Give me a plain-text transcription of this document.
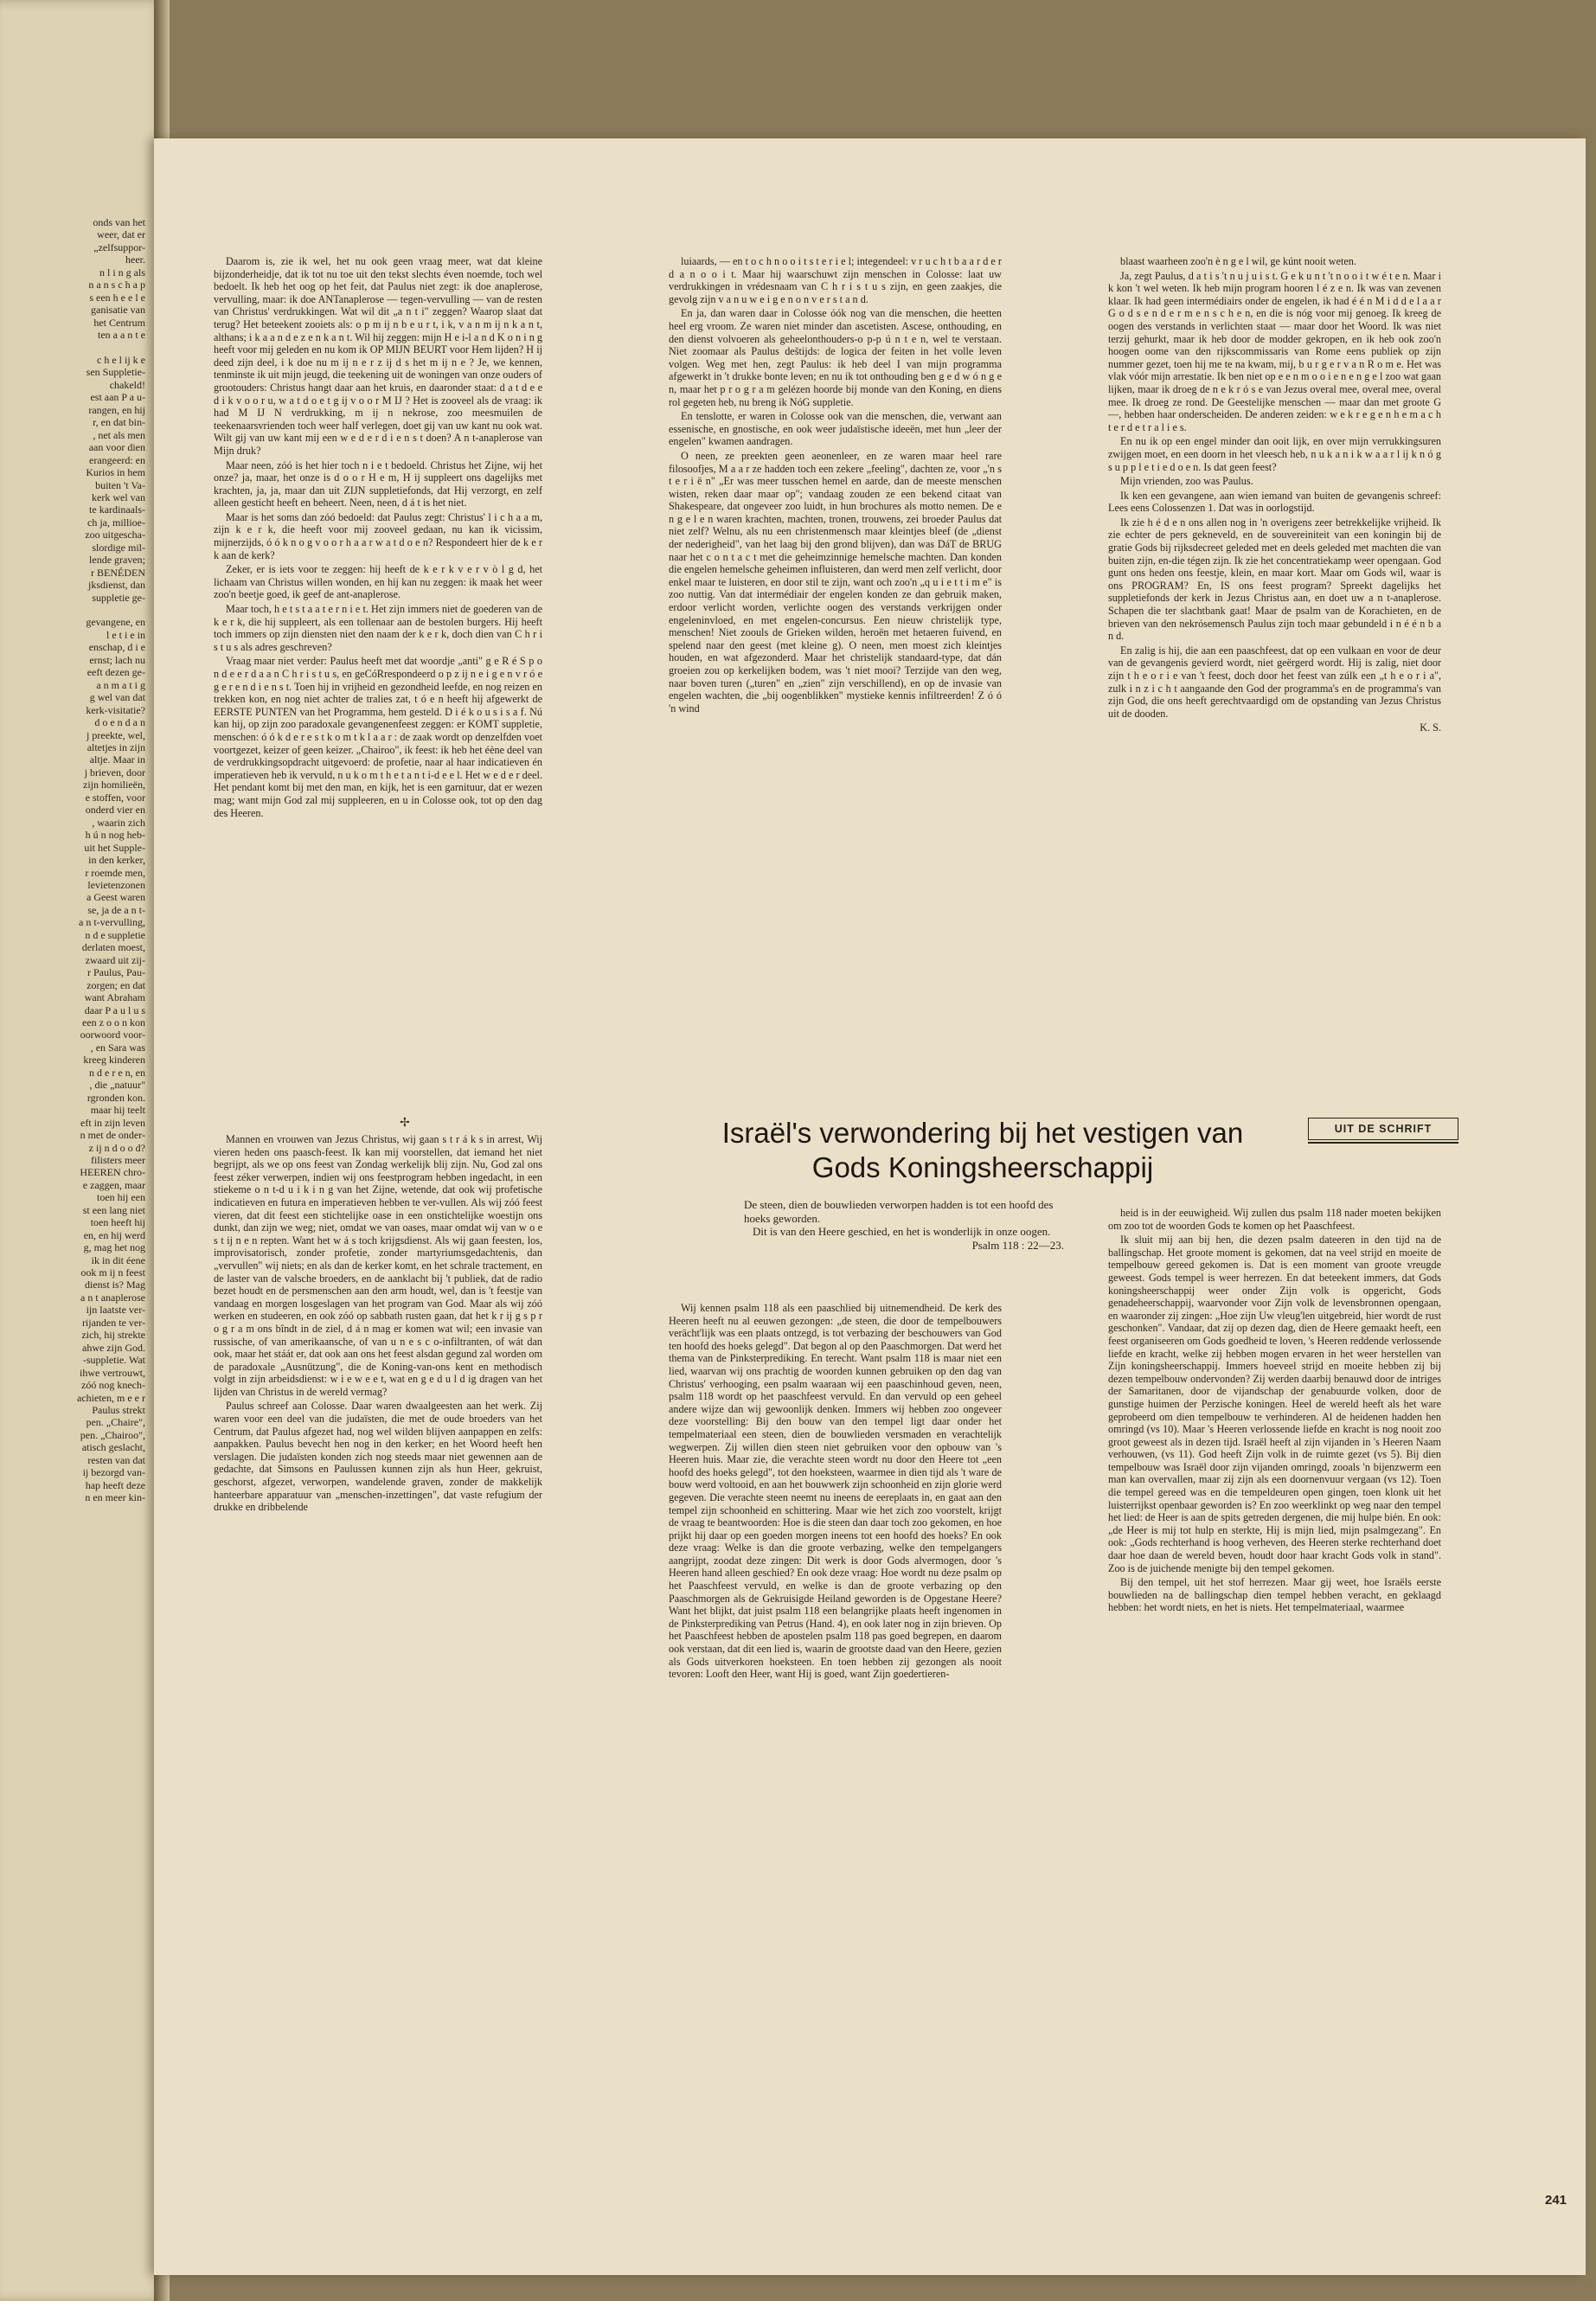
onds van het
weer, dat er
„zelfsuppor-
heer.
n l i n g als
n a n s c h a p
s een h e e l e
ganisatie van
het Centrum
ten a a n t e
c h e l ij k e
sen Suppletie-
chakeld!
est aan P a u-
rangen, en hij
r, en dat bin-
, net als men
aan voor dien
erangeerd: en
Kurios in hem
buiten 't Va-
kerk wel van
te kardinaals-
ch ja, millioe-
zoo uitgescha-
slordige mil-
lende graven;
r BENÉDEN
jksdienst, dan
suppletie ge-
gevangene, en
l e t i e in
enschap, d i e
ernst; lach nu
eeft dezen ge-
a n m a t i g
g wel van dat
kerk-visitatie?
d o e n d a n
j preekte, wel,
altetjes in zijn
altje. Maar in
j brieven, door
zijn homilieën,
e stoffen, voor
onderd vier en
, waarin zich
h ú n nog heb-
uit het Supple-
in den kerker,
r roemde men,
levietenzonen
a Geest waren
se, ja de a n t-
a n t-vervulling,
n d e suppletie
derlaten moest,
zwaard uit zij-
r Paulus, Pau-
zorgen; en dat
want Abraham
daar P a u l u s
een z o o n kon
oorwoord voor-
, en Sara was
kreeg kinderen
n d e r e n, en
, die „natuur"
rgronden kon.
maar hij teelt
eft in zijn leven
n met de onder-
z ij n d o o d?
filisters meer
HEEREN chro-
e zaggen, maar
toen hij een
st een lang niet
toen heeft hij
en, en hij werd
g, mag het nog
ik in dit éene
ook m ij n feest
dienst is? Mag
a n t anaplerose
ijn laatste ver-
rijanden te ver-
zich, hij strekte
ahwe zijn God.
-suppletie. Wat
ihwe vertrouwt,
zóó nog knech-
achieten, m e e r
Paulus strekt
pen. „Chaire",
pen. „Chairoo",
atisch geslacht,
resten van dat
ij bezorgd van-
hap heeft deze
n en meer kin-

Daarom is, zie ik wel, het nu ook geen vraag meer, wat dat kleine bijzonderheidje, dat ik tot nu toe uit den tekst slechts éven noemde, toch wel bedoelt. Ik heb het oog op het feit, dat Paulus niet zegt: ik doe anaplerose, vervulling, maar: ik doe ANTanaplerose — tegen-vervulling — van de resten van Christus' verdrukkingen. Wat wil dit „a n t i" zeggen? Waarop slaat dat terug? Het beteekent zooiets als: o p m ij n b e u r t, i k, v a n m ij n k a n t, althans; i k a a n d e z e n k a n t. Wil hij zeggen: mijn H e i-l a n d K o n i n g heeft voor mij geleden en nu kom ik OP MIJN BEURT voor Hem lijden? H ij deed zijn deel, i k doe nu m ij n e r z ij d s het m ij n e ? Je, we kennen, tenminste ik uit mijn jeugd, die teekening uit de woningen van onze ouders of grootouders: Christus hangt daar aan het kruis, en daaronder staat: d a t d e e d i k v o o r u, w a t d o e t g ij v o o r M IJ ? Het is zooveel als de vraag: ik had M IJ N verdrukking, m ij n nekrose, zoo meesmuilen de teekenaarsvrienden toch weer half verlegen, doet gij van uw kant nu ook wat. Wilt gij van uw kant mij een w e d e r d i e n s t doen? A n t-anaplerose van Mijn druk?

Maar neen, zóó is het hier toch n i e t bedoeld. Christus het Zijne, wij het onze? ja, maar, het onze is d o o r H e m, H ij suppleert ons dagelijks met krachten, ja, ja, maar dan uit ZIJN suppletiefonds, dat Hij verzorgt, en zelf alleen gesticht heeft en beheert. Neen, neen, d á t is het niet.

Maar is het soms dan zóó bedoeld: dat Paulus zegt: Christus' l i c h a a m, zijn k e r k, die heeft voor mij zooveel gedaan, nu kan ik vicissim, mijnerzijds, ó ó k n o g v o o r h a a r w a t d o e n? Respondeert hier de k e r k aan de kerk?

Zeker, er is iets voor te zeggen: hij heeft de k e r k v e r v ò l g d, het lichaam van Christus willen wonden, en hij kan nu zeggen: ik maak het weer zoo'n beetje goed, ik geef de ant-anaplerose.

Maar toch, h e t s t a a t e r n i e t. Het zijn immers niet de goederen van de k e r k, die hij suppleert, als een tollenaar aan de bestolen burgers. Hij heeft toch immers op zijn diensten niet den naam der k e r k, doch dien van C h r i s t u s als adres geschreven?

Vraag maar niet verder: Paulus heeft met dat woordje „anti" g e R é S p o n d e e r d a a n C h r i s t u s, en geCóRrespondeerd o p z ij n e i g e n v r ó e g e r e n d i e n s t. Toen hij in vrijheid en gezondheid leefde, en nog reizen en trekken kon, en nog niet achter de tralies zat, t ó e n heeft hij afgewerkt de EERSTE PUNTEN van het Programma, hem gesteld. D i é k o u s i s a f. Nú kan hij, op zijn zoo paradoxale gevangenenfeest zeggen: er KOMT suppletie, menschen: ó ó k d e r e s t k o m t k l a a r : de zaak wordt op denzelfden voet voortgezet, keizer of geen keizer. „Chairoo", ik feest: ik heb het éène deel van de verdrukkingsopdracht uitgevoerd: de profetie, naar al haar indicatieven én imperatieven heb ik vervuld, n u k o m t h e t a n t i-d e e l. Het w e d e r deel. Het pendant komt bij met den man, en kijk, het is een garnituur, dat er wezen mag; want mijn God zal mij suppleeren, en u in Colosse ook, tot op den dag des Heeren.

✢

Mannen en vrouwen van Jezus Christus, wij gaan s t r á k s in arrest, Wij vieren heden ons paasch-feest. Ik kan mij voorstellen, dat iemand het niet begrijpt, als we op ons feest van Zondag werkelijk blij zijn. Nu, God zal ons feest zéker verwerpen, indien wij ons feestprogram hebben ingedacht, in een stiekeme o n t-d u i k i n g van het Zijne, wetende, dat ook wij profetische indicatieven en futura en imperatieven hebben te ver-vullen. Als wij zóó feest vieren, dat dit feest een stichtelijke oase in een onstichtelijke woestijn ons dunkt, dan zijn we weg; niet, omdat we van oases, maar omdat wij van w o e s t ij n e n repten. Want het w á s toch krijgsdienst. Als wij gaan feesten, los, improvisatorisch, zonder profetie, zonder martyriumsgedachtenis, dan „vervullen" wij niets; en als dan de kerker komt, en het schrale tractement, en de laster van de valsche broeders, en de aanklacht bij 't publiek, dat de radio bezet houdt en de persmenschen aan den arm houdt, wel, dan is 't feestje van vandaag en morgen losgeslagen van het program van God. Maar als wij zóó werken en studeeren, en ook zóó op sabbath rusten gaan, dat het k r ij g s p r o g r a m ons bîndt in de ziel, d á n mag er komen wat wil; een invasie van russische, of van amerikaansche, of van u n e s c o-infiltranten, of wát dan ook, maar het stáát er, dat ook aan ons het feest alsdan gegund zal worden om de paradoxale „Ausnützung", die de Koning-van-ons kent en methodisch volgt in zijn arbeidsdienst: w i e w e e t, wat en g e d u l d ig dragen van het lijden van Christus in de wereld vermag?

Paulus schreef aan Colosse. Daar waren dwaalgeesten aan het werk. Zij waren voor een deel van die judaïsten, die met de oude broeders van het Centrum, dat Paulus afgezet had, nog wel wilden blijven aanpappen en zelfs: aanpakken. Paulus bevecht hen nog in den kerker; en het Woord heeft hen verslagen. Die judaïsten konden zich nog steeds maar niet gewennen aan de gedachte, dat Simsons en Paulussen kunnen zijn als hun Heer, gekruist, geschorst, afgezet, verworpen, wandelende graven, zonder de makkelijk hanteerbare apparatuur van „menschen-inzettingen", dat vaste refugium der drukke en dribbelende

luiaards, — en t o c h n o o i t s t e r i e l; integendeel: v r u c h t b a a r d e r d a n o o i t. Maar hij waarschuwt zijn menschen in Colosse: laat uw verdrukkingen in vrédesnaam van C h r i s t u s zijn, en geen zaakjes, die gevolg zijn v a n u w e i g e n o n v e r s t a n d.

En ja, dan waren daar in Colosse óók nog van die menschen, die heetten heel erg vroom. Ze waren niet minder dan ascetisten. Ascese, onthouding, en den dienst volvoeren als geheelonthouders-o p-p ú n t e n, wel te verstaan. Niet zoomaar als Paulus deštijds: de logica der feiten in het volle leven volgen. Weg met hen, zegt Paulus: ik heb deel I van mijn programma afgewerkt in 't drukke bonte leven; en nu ik tot onthouding ben g e d w ó n g e n, maar het p r o g r a m gelézen hoorde bij monde van den Koning, en diens rol gegeten heb, nu breng ik NóG suppletie.

En tenslotte, er waren in Colosse ook van die menschen, die, verwant aan essenische, en gnostische, en ook weer judaïstische ideeën, met hun „leer der engelen" kwamen aandragen.

O neen, ze preekten geen aeonenleer, en ze waren maar heel rare filosoofjes, M a a r ze hadden toch een zekere „feeling", dachten ze, voor „'n s t e r i ë n" „Er was meer tusschen hemel en aarde, dan de meeste menschen wisten, reken daar maar op"; vandaag zouden ze een bekend citaat van Shakespeare, dat ongeveer zoo luidt, in hun brochures als motto nemen. De e n g e l e n waren krachten, machten, tronen, trouwens, zei broeder Paulus dat niet zelf? Welnu, als nu een christenmensch maar kleintjes bleef (de „dienst der nederigheid", van het laag bij den grond blijven), dan was DáT de BRUG naar het c o n t a c t met die geheimzinnige hemelsche machten. Dan konden die engelen hemelsche geheimen influisteren, dan werd men zelf verlicht, door enkel maar te luisteren, en door stil te zijn, want och zoo'n „q u i e t t i m e" is zoo nuttig. Van dat intermédiair der engelen konden ze dan gebruik maken, erdoor verlicht worden, verlichte oogen des verstands verkrijgen onder engeleninvloed, en met engelen-concursus. Een nieuw christelijk type, menschen! Niet zoouls de Grieken wilden, heroën met hetaeren fuivend, en spelend naar den geest (met kleine g). O neen, men moest zich kleintjes houden, en wat afgezonderd. Maar het christelijk standaard-type, dat dán groeien zou op kerkelijken bodem, was 't niet mooi? Terzijde van den weg, naar boven turen („turen" en „zien" zijn verschillend), en op de invasie van engelen wachten, die „bij oogenblikken" mystieke kennis infiltreerden! Z ó ó 'n wind

blaast waarheen zoo'n è n g e l wil, ge kúnt nooit weten.

Ja, zegt Paulus, d a t i s 't n u j u i s t. G e k u n t 't n o o i t w é t e n. Maar i k kon 't wel weten. Ik heb mijn program hooren l é z e n. Ik was van zevenen klaar. Ik had geen intermédiairs onder de engelen, ik had é é n M i d d e l a a r G o d s e n d e r m e n s c h e n, en die is nóg voor mij genoeg. Ik kreeg de oogen des verstands in verlichten staat — maar door het Woord. Ik was niet terzij gehurkt, maar ik heb door de modder gekropen, en ik heb ook zoo'n hoogen oome van den rijkscommissaris van Rome eens publiek op zijn nummer gezet, toen hij me te na kwam, mij, b u r g e r v a n R o m e. Het was vlak vóór mijn arrestatie. Ik ben niet op e e n m o o i e n e n g e l zoo wat gaan lijken, maar ik droeg de n e k r ó s e van Jezus overal mee, overal mee, overal mee. Ik droeg ze rond. De Geestelijke menschen — maar dan met groote G —, hebben haar onderscheiden. De anderen zeiden: w e k r e g e n h e m a c h t e r d e t r a l i e s.

En nu ik op een engel minder dan ooit lijk, en over mijn verrukkingsuren zwijgen moet, en een doorn in het vleesch heb, n u k a n i k w a a r l ij k n ó g s u p p l e t i e d o e n. Is dat geen feest?

Mijn vrienden, zoo was Paulus.

Ik ken een gevangene, aan wien iemand van buiten de gevangenis schreef: Lees eens Colossenzen 1. Dat was in oorlogstijd.

Ik zie h é d e n ons allen nog in 'n overigens zeer betrekkelijke vrijheid. Ik zie echter de pers gekneveld, en de souvereiniteit van een koningin bij de gratie Gods bij rijksdecreet geleded met en deels geleded met machten die van buiten zijn, en-die tégen zijn. Ik zie het concentratiekamp weer opengaan. God gunt ons heden ons feestje, klein, en maar kort. Maar om Gods wil, waar is ons PROGRAM? En, IS ons feest program? Spreekt dagelijks het suppletiefonds der kerk in Jezus Christus aan, en doet uw a n t-anaplerose. Schapen die ter slachtbank gaat! Maar de psalm van de Korachieten, en de brieven van den nekrósemensch Paulus zijn toch maar gebundeld i n é é n b a n d.

En zalig is hij, die aan een paaschfeest, dat op een vulkaan en voor de deur van de gevangenis gevierd wordt, niet geërgerd wordt. Hij is zalig, niet door zijn t h e o r i e van 't feest, doch door het feest van zúlk een „t h e o r i a", zulk i n z i c h t aangaande den God der programma's en de programma's van zijn God, die ons heeft gerechtvaardigd om de opstanding van Jezus Christus uit de dooden.

K. S.
Israël's verwondering bij het vestigen van Gods Koningsheerschappij
UIT DE SCHRIFT
De steen, dien de bouwlieden verworpen hadden is tot een hoofd des hoeks geworden.
Dit is van den Heere geschied, en het is wonderlijk in onze oogen.
Psalm 118 : 22—23.

Wij kennen psalm 118 als een paaschlied bij uitnemendheid. De kerk des Heeren heeft nu al eeuwen gezongen: „de steen, die door de tempelbouwers verächt'lijk was een plaats ontzegd, is tot verbazing der beschouwers van God ten hoofd des hoeks gelegd". Dat begon al op den Paaschmorgen. Dat werd het thema van de Pinksterprediking. En terecht. Want psalm 118 is maar niet een lied, waarvan wij ons prachtig de woorden kunnen gebruiken op den dag van Christus' verhooging, een psalm waaraan wij een paaschinhoud geven, neen, psalm 118 wordt op het paaschfeest vervuld. En dan vervuld op een geheel andere wijze dan wij gewoonlijk denken. Immers wij hebben zoo ongeveer deze voorstelling: Bij den bouw van den tempel ligt daar onder het tempelmateriaal een steen, dien de bouwlieden versmaden en verachtelijk wegwerpen. Zij willen dien steen niet gebruiken voor den opbouw van 's Heeren huis. Maar zie, die verachte steen wordt nu door den Heere tot „een hoofd des hoeks gelegd", tot den hoeksteen, waarmee in dien tijd als 't ware de bouw werd voltooid, en aan het bouwwerk zijn schoonheid en zijn glorie werd gegeven. Die verachte steen neemt nu ineens de eereplaats in, en gaat aan den tempel zijn schoonheid en schittering. Maar wie het zich zoo voorstelt, krijgt de vraag te beantwoorden: Hoe is die steen dan daar toch zoo gekomen, en hoe prijkt hij daar op een goeden morgen ineens tot een hoofd des hoeks? En ook deze vraag: Welke is dan die groote verbazing, welke den tempelgangers aangrijpt, zoodat deze zingen: Dit werk is door Gods alvermogen, door 's Heeren hand alleen geschied? En ook deze vraag: Hoe wordt nu deze psalm op het Paaschfeest vervuld, en welke is dan de groote verbazing op den Paaschmorgen als de Gekruisigde Heiland geworden is de Opgestane Heere? Want het blijkt, dat juist psalm 118 een belangrijke plaats heeft ingenomen in de Pinksterprediking van Petrus (Hand. 4), en ook later nog in zijn brieven. Op het Paaschfeest hebben de apostelen psalm 118 pas goed begrepen, en daarom ook verstaan, dat dit een lied is, waarin de grootste daad van den Heere, gezien als Gods uitverkoren hoeksteen. En toen hebben zij gezongen als nooit tevoren: Looft den Heer, want Hij is goed, want Zijn goedertieren-

heid is in der eeuwigheid. Wij zullen dus psalm 118 nader moeten bekijken om zoo tot de woorden Gods te komen op het Paaschfeest.

Ik sluit mij aan bij hen, die dezen psalm dateeren in den tijd na de ballingschap. Het groote moment is gekomen, dat na veel strijd en moeite de tempelbouw gereed gekomen is. Dat is een moment van groote vreugde geweest. Gods tempel is weer herrezen. En dat beteekent immers, dat Gods koningsheerschappij weer onder Zijn volk is opgericht, Gods genadeheerschappij, waarvonder voor Zijn volk de levensbronnen opengaan, en waaronder zij zingen: „Hoe zijn Uw vleug'len uitgebreid, hier wordt de rust geschonken". Vandaar, dat zij op dezen dag, dien de Heere gemaakt heeft, een feest organiseeren om Gods goedheid te loven, 's Heeren reddende verlossende liefde en kracht, welke zij hebben mogen ervaren in het weer herstellen van Zijn koningsheerschappij. Immers hoeveel strijd en moeite hebben zij bij dezen tempelbouw ondervonden? Zij werden daarbij benauwd door de intriges der Samaritanen, door de vijandschap der genabuurde volken, door de gunstige huimen der Perzische koningen. Heel de wereld heeft als het ware geprobeerd om dien tempelbouw te verhinderen. Al de heidenen hadden hen omringd (vs 10). Maar 's Heeren verlossende liefde en kracht is nog nooit zoo groot geweest als in dezen tijd. Israël heeft al zijn vijanden in 's Heeren Naam verhouwen, (vs 11). God heeft Zijn volk in de ruimte gezet (vs 5). Bij dien tempelbouw was Israël door zijn vijanden omringd, zooals 'n bijenzwerm een man kan overvallen, maar zij zijn als een doornenvuur vergaan (vs 12). Toen die tempel gereed was en die tempeldeuren open gingen, toen klonk uit het luisterrijkst openbaar geworden is? En zoo weerklinkt op weg naar den tempel het lied: de Heer is aan de spits getreden dergenen, die mij hulpe bién. En ook: „de Heer is mij tot hulp en sterkte, Hij is mijn lied, mijn psalmgezang". En ook: „Gods rechterhand is hoog verheven, des Heeren sterke rechterhand doet daar hoe daan de wereld beven, houdt door haar kracht Gods volk in stand". Zoo is de juichende menigte bij den tempel gekomen.

Bij den tempel, uit het stof herrezen. Maar gij weet, hoe Israëls eerste bouwlieden na de ballingschap dien tempel hebben veracht, en geklaagd hebben: het wordt niets, en het is niets. Het tempelmateriaal, waarmee

241
